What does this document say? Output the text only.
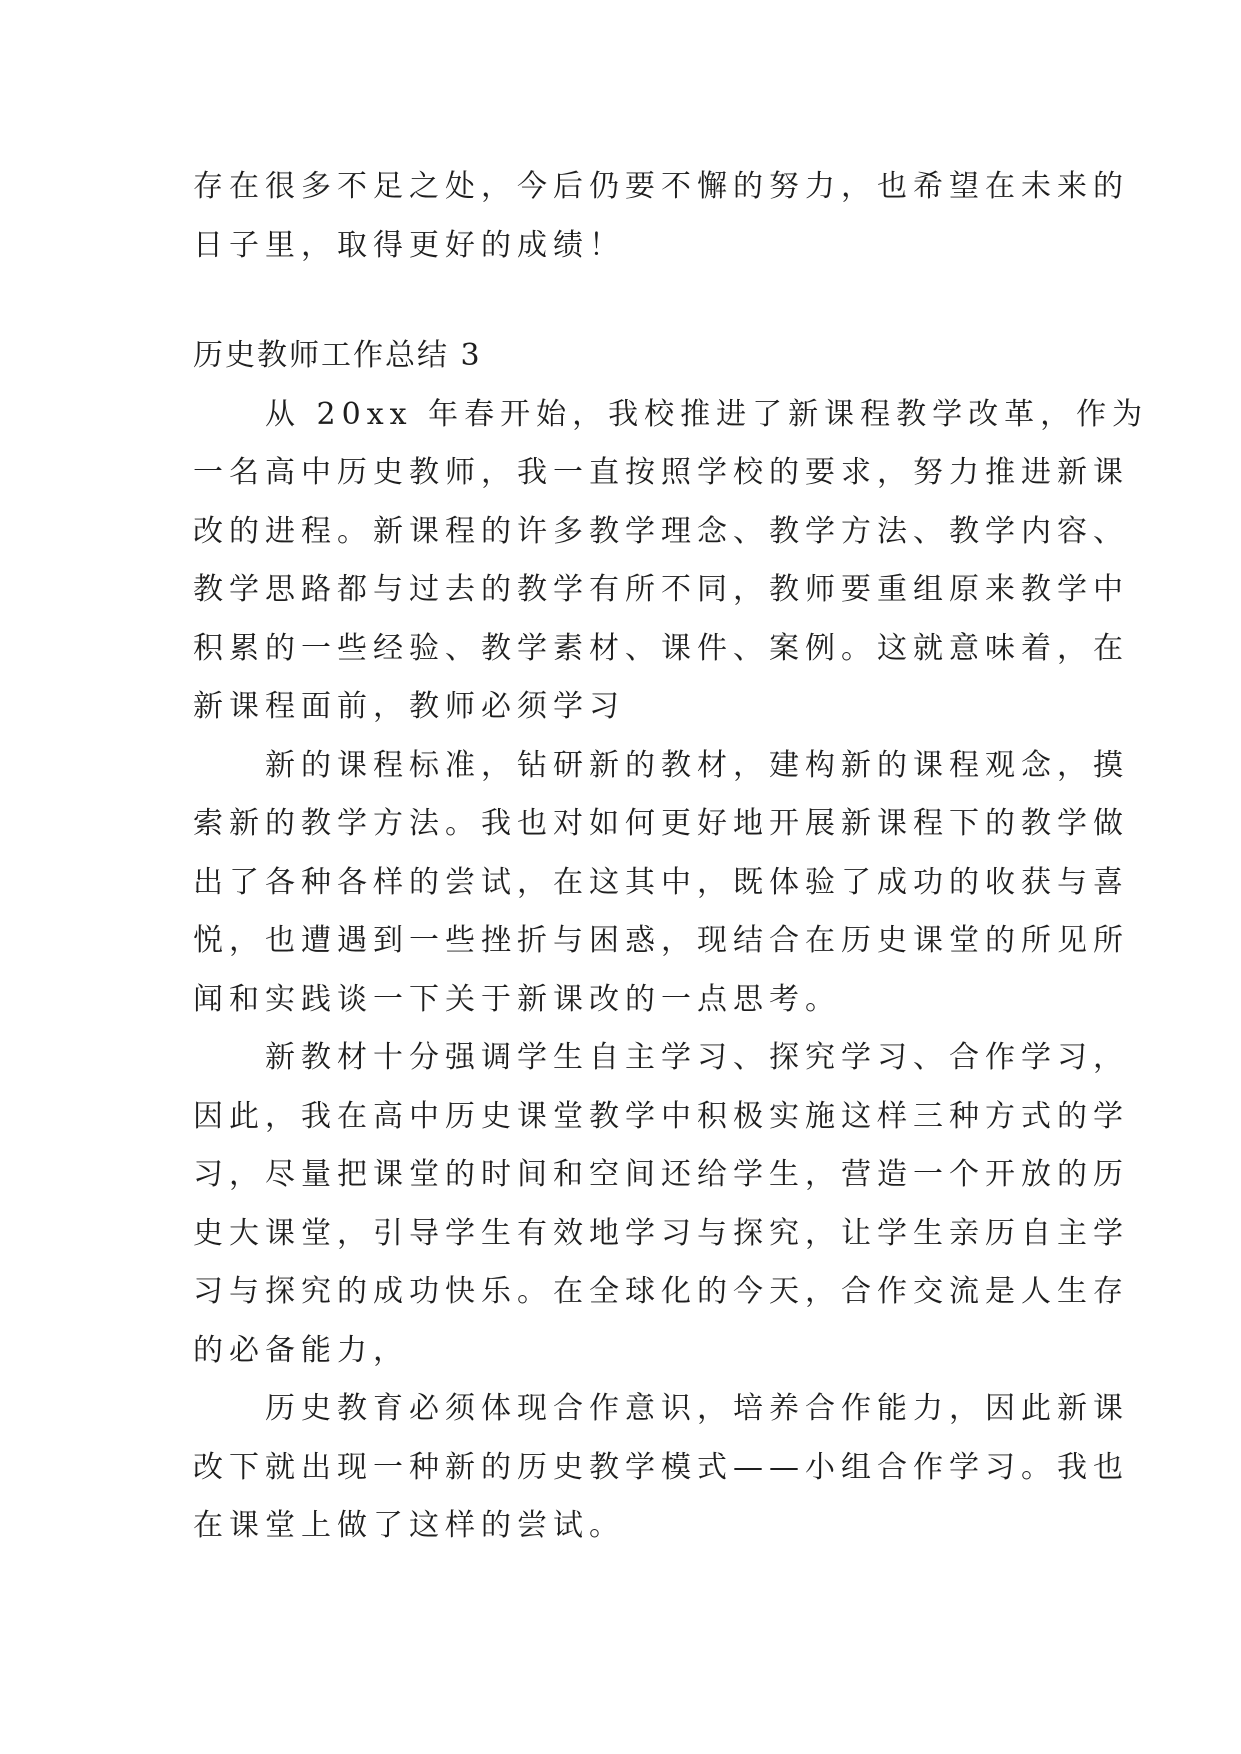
存在很多不足之处，今后仍要不懈的努力，也希望在未来的
日子里，取得更好的成绩！
历史教师工作总结 3
　　从 20xx 年春开始，我校推进了新课程教学改革，作为
一名高中历史教师，我一直按照学校的要求，努力推进新课
改的进程。新课程的许多教学理念、教学方法、教学内容、
教学思路都与过去的教学有所不同，教师要重组原来教学中
积累的一些经验、教学素材、课件、案例。这就意味着，在
新课程面前，教师必须学习
　　新的课程标准，钻研新的教材，建构新的课程观念，摸
索新的教学方法。我也对如何更好地开展新课程下的教学做
出了各种各样的尝试，在这其中，既体验了成功的收获与喜
悦，也遭遇到一些挫折与困惑，现结合在历史课堂的所见所
闻和实践谈一下关于新课改的一点思考。
　　新教材十分强调学生自主学习、探究学习、合作学习，
因此，我在高中历史课堂教学中积极实施这样三种方式的学
习，尽量把课堂的时间和空间还给学生，营造一个开放的历
史大课堂，引导学生有效地学习与探究，让学生亲历自主学
习与探究的成功快乐。在全球化的今天，合作交流是人生存
的必备能力，
　　历史教育必须体现合作意识，培养合作能力，因此新课
改下就出现一种新的历史教学模式——小组合作学习。我也
在课堂上做了这样的尝试。
